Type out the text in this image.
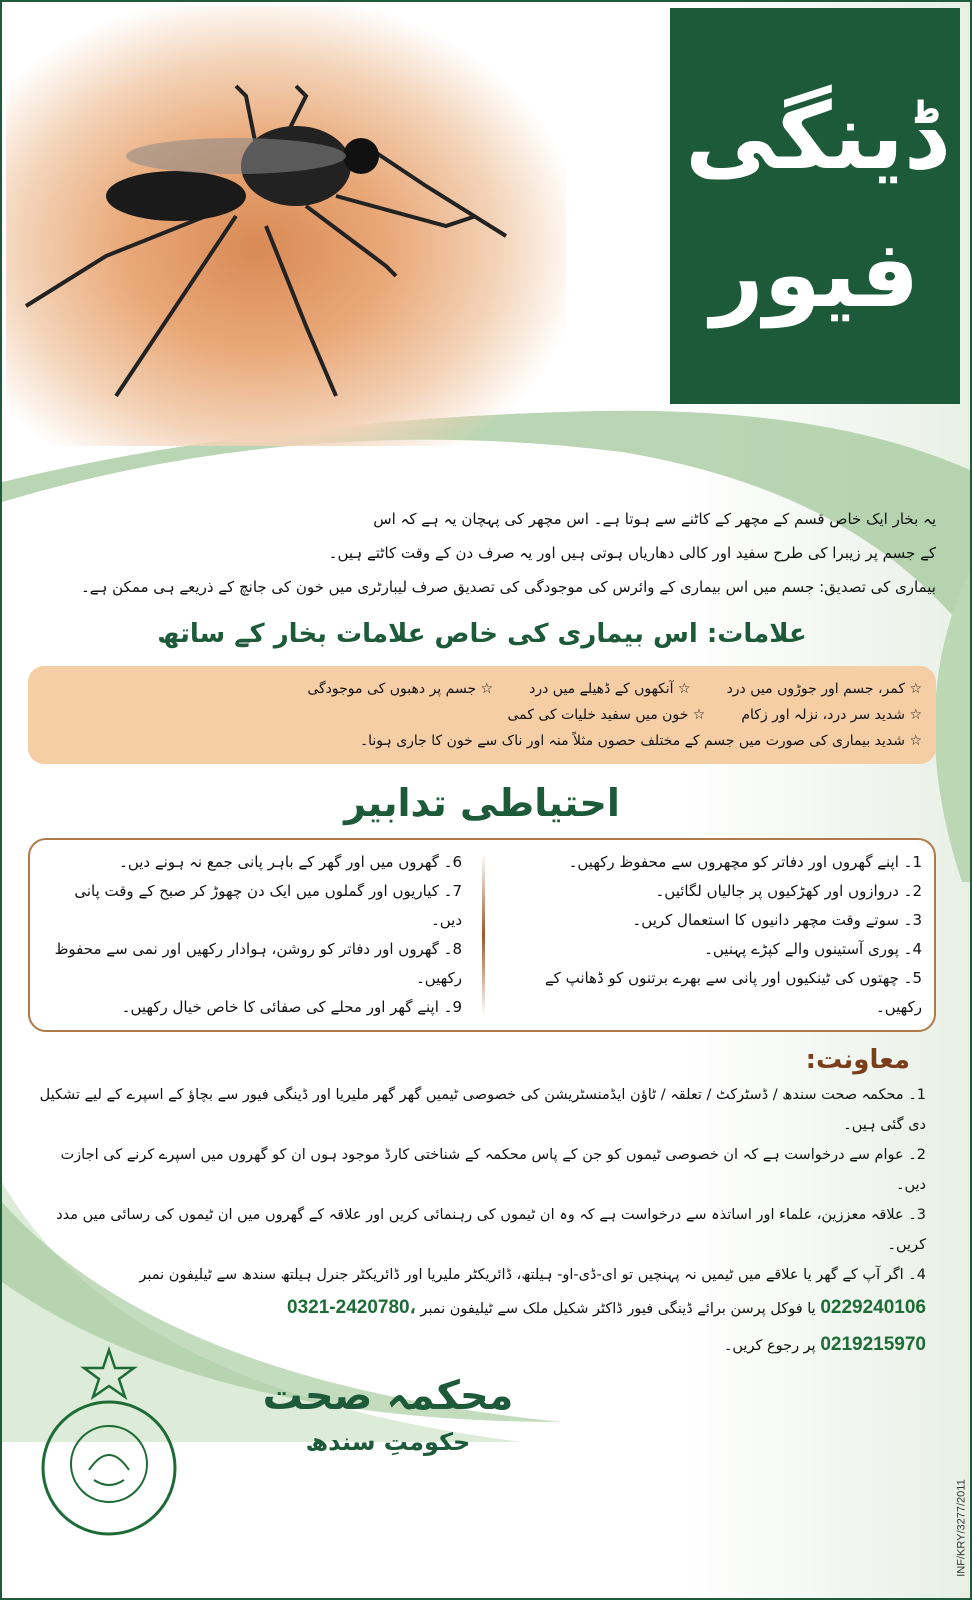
ڈینگی
فیور

یہ بخار ایک خاص قسم کے مچھر کے کاٹنے سے ہوتا ہے۔ اس مچھر کی پہچان یہ ہے کہ اس

کے جسم پر زیبرا کی طرح سفید اور کالی دھاریاں ہوتی ہیں اور یہ صرف دن کے وقت کاٹتے ہیں۔

بیماری کی تصدیق: جسم میں اس بیماری کے وائرس کی موجودگی کی تصدیق صرف لیبارٹری میں خون کی جانچ کے ذریعے ہی ممکن ہے۔

علامات: اس بیماری کی خاص علامات بخار کے ساتھ
☆ کمر، جسم اور جوڑوں میں درد
☆ آنکھوں کے ڈھیلے میں درد
☆ جسم پر دھبوں کی موجودگی
☆ شدید سر درد، نزلہ اور زکام
☆ خون میں سفید خلیات کی کمی
☆ شدید بیماری کی صورت میں جسم کے مختلف حصوں مثلاً منہ اور ناک سے خون کا جاری ہونا۔
احتیاطی تدابیر

1۔ اپنے گھروں اور دفاتر کو مچھروں سے محفوظ رکھیں۔

2۔ دروازوں اور کھڑکیوں پر جالیاں لگائیں۔

3۔ سوتے وقت مچھر دانیوں کا استعمال کریں۔

4۔ پوری آستینوں والے کپڑے پہنیں۔

5۔ چھتوں کی ٹینکیوں اور پانی سے بھرے برتنوں کو ڈھانپ کے رکھیں۔

6۔ گھروں میں اور گھر کے باہر پانی جمع نہ ہونے دیں۔

7۔ کیاریوں اور گملوں میں ایک دن چھوڑ کر صبح کے وقت پانی دیں۔

8۔ گھروں اور دفاتر کو روشن، ہوادار رکھیں اور نمی سے محفوظ رکھیں۔

9۔ اپنے گھر اور محلے کی صفائی کا خاص خیال رکھیں۔

معاونت:

1۔ محکمہ صحت سندھ / ڈسٹرکٹ / تعلقہ / ٹاؤن ایڈمنسٹریشن کی خصوصی ٹیمیں گھر گھر ملیریا اور ڈینگی فیور سے بچاؤ کے اسپرے کے لیے تشکیل دی گئی ہیں۔

2۔ عوام سے درخواست ہے کہ ان خصوصی ٹیموں کو جن کے پاس محکمہ کے شناختی کارڈ موجود ہوں ان کو گھروں میں اسپرے کرنے کی اجازت دیں۔

3۔ علاقہ معززین، علماء اور اساتذہ سے درخواست ہے کہ وہ ان ٹیموں کی رہنمائی کریں اور علاقہ کے گھروں میں ان ٹیموں کی رسائی میں مدد کریں۔

4۔ اگر آپ کے گھر یا علاقے میں ٹیمیں نہ پہنچیں تو ای-ڈی-او- ہیلتھ، ڈائریکٹر ملیریا اور ڈائریکٹر جنرل ہیلتھ سندھ سے ٹیلیفون نمبر

0229240106 یا فوکل پرسن برائے ڈینگی فیور ڈاکٹر شکیل ملک سے ٹیلیفون نمبر 0321-2420780،

0219215970 پر رجوع کریں۔

محکمہ صحت
حکومتِ سندھ
INF/KRY/3277/2011
